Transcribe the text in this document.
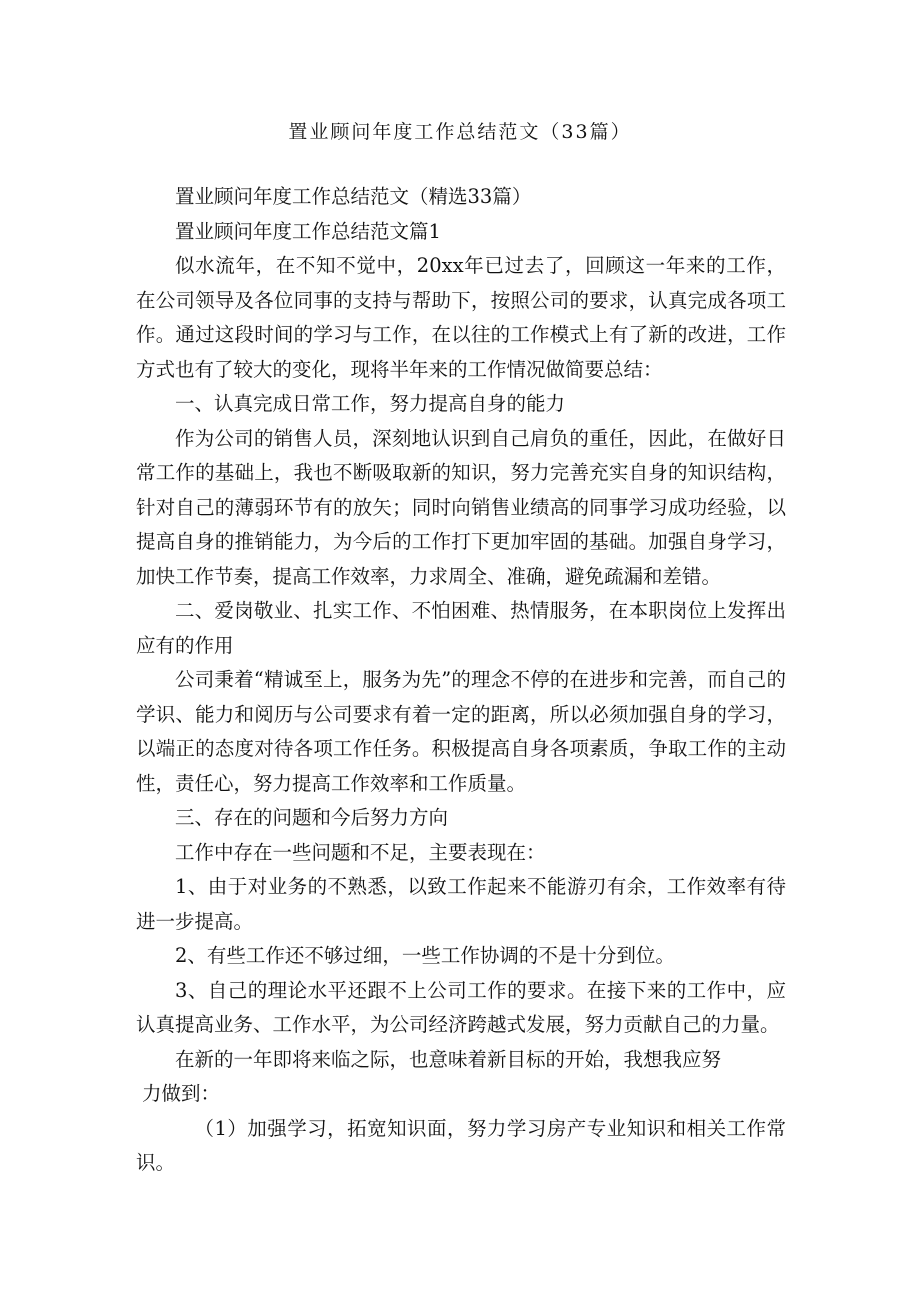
置业顾问年度工作总结范文（33篇）

置业顾问年度工作总结范文（精选33篇）

置业顾问年度工作总结范文篇1

似水流年，在不知不觉中，20xx年已过去了，回顾这一年来的工作，在公司领导及各位同事的支持与帮助下，按照公司的要求，认真完成各项工作。通过这段时间的学习与工作，在以往的工作模式上有了新的改进，工作方式也有了较大的变化，现将半年来的工作情况做简要总结：

一、认真完成日常工作，努力提高自身的能力

作为公司的销售人员，深刻地认识到自己肩负的重任，因此，在做好日常工作的基础上，我也不断吸取新的知识，努力完善充实自身的知识结构，针对自己的薄弱环节有的放矢；同时向销售业绩高的同事学习成功经验，以提高自身的推销能力，为今后的工作打下更加牢固的基础。加强自身学习，加快工作节奏，提高工作效率，力求周全、准确，避免疏漏和差错。

二、爱岗敬业、扎实工作、不怕困难、热情服务，在本职岗位上发挥出应有的作用

公司秉着“精诚至上，服务为先”的理念不停的在进步和完善，而自己的学识、能力和阅历与公司要求有着一定的距离，所以必须加强自身的学习，以端正的态度对待各项工作任务。积极提高自身各项素质，争取工作的主动性，责任心，努力提高工作效率和工作质量。

三、存在的问题和今后努力方向

工作中存在一些问题和不足，主要表现在：

1、由于对业务的不熟悉，以致工作起来不能游刃有余，工作效率有待进一步提高。

2、有些工作还不够过细，一些工作协调的不是十分到位。

3、自己的理论水平还跟不上公司工作的要求。在接下来的工作中，应认真提高业务、工作水平，为公司经济跨越式发展，努力贡献自己的力量。

在新的一年即将来临之际，也意味着新目标的开始，我想我应努

力做到：

（1）加强学习，拓宽知识面，努力学习房产专业知识和相关工作常识。
